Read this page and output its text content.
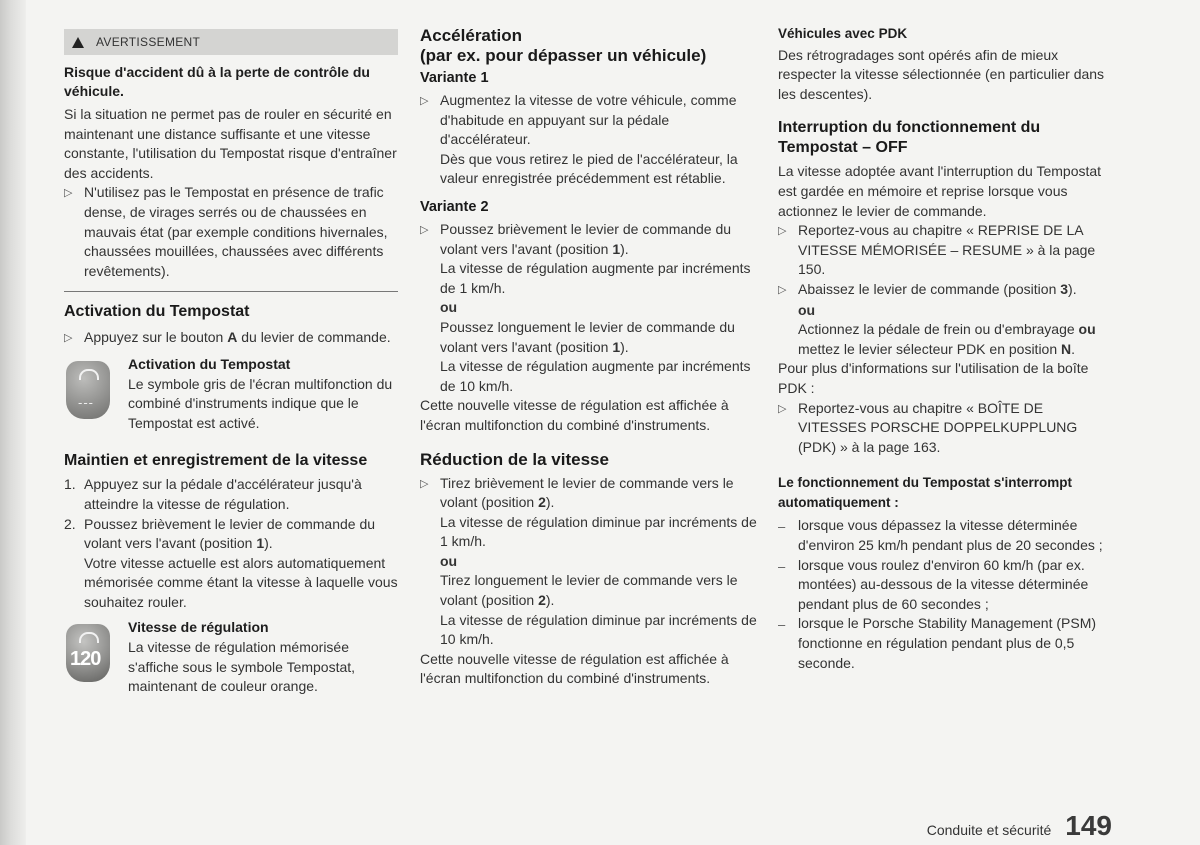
AVERTISSEMENT

Risque d'accident dû à la perte de contrôle du véhicule.

Si la situation ne permet pas de rouler en sécurité en maintenant une distance suffisante et une vitesse constante, l'utilisation du Tempostat risque d'entraîner des accidents.

▷ N'utilisez pas le Tempostat en présence de trafic dense, de virages serrés ou de chaussées en mauvais état (par exemple conditions hivernales, chaussées mouillées, chaussées avec différents revêtements).
Activation du Tempostat
▷ Appuyez sur le bouton A du levier de commande.
---

Activation du Tempostat

Le symbole gris de l'écran multifonction du combiné d'instruments indique que le Tempostat est activé.

Maintien et enregistrement de la vitesse
1. Appuyez sur la pédale d'accélérateur jusqu'à atteindre la vitesse de régulation.
2. Poussez brièvement le levier de commande du volant vers l'avant (position 1).

Votre vitesse actuelle est alors automatiquement mémorisée comme étant la vitesse à laquelle vous souhaitez rouler.

120

Vitesse de régulation

La vitesse de régulation mémorisée s'affiche sous le symbole Tempostat, maintenant de couleur orange.

Accélération
(par ex. pour dépasser un véhicule)
Variante 1
▷ Augmentez la vitesse de votre véhicule, comme d'habitude en appuyant sur la pédale d'accélérateur.

Dès que vous retirez le pied de l'accélérateur, la valeur enregistrée précédemment est rétablie.

Variante 2
▷ Poussez brièvement le levier de commande du volant vers l'avant (position 1).

La vitesse de régulation augmente par incréments de 1 km/h.

ou

Poussez longuement le levier de commande du volant vers l'avant (position 1).

La vitesse de régulation augmente par incréments de 10 km/h.

Cette nouvelle vitesse de régulation est affichée à l'écran multifonction du combiné d'instruments.

Réduction de la vitesse
▷ Tirez brièvement le levier de commande vers le volant (position 2).

La vitesse de régulation diminue par incréments de 1 km/h.

ou

Tirez longuement le levier de commande vers le volant (position 2).

La vitesse de régulation diminue par incréments de 10 km/h.

Cette nouvelle vitesse de régulation est affichée à l'écran multifonction du combiné d'instruments.

Véhicules avec PDK

Des rétrogradages sont opérés afin de mieux respecter la vitesse sélectionnée (en particulier dans les descentes).

Interruption du fonctionnement du
Tempostat – OFF

La vitesse adoptée avant l'interruption du Tempostat est gardée en mémoire et reprise lorsque vous actionnez le levier de commande.

▷ Reportez-vous au chapitre « REPRISE DE LA VITESSE MÉMORISÉE – RESUME » à la page 150.
▷ Abaissez le levier de commande (position 3).

ou

Actionnez la pédale de frein ou d'embrayage ou mettez le levier sélecteur PDK en position N.

Pour plus d'informations sur l'utilisation de la boîte PDK :

▷ Reportez-vous au chapitre « BOÎTE DE VITESSES PORSCHE DOPPELKUPPLUNG (PDK) » à la page 163.

Le fonctionnement du Tempostat s'interrompt automatiquement :

– lorsque vous dépassez la vitesse déterminée d'environ 25 km/h pendant plus de 20 secondes ;
– lorsque vous roulez d'environ 60 km/h (par ex. montées) au-dessous de la vitesse déterminée pendant plus de 60 secondes ;
– lorsque le Porsche Stability Management (PSM) fonctionne en régulation pendant plus de 0,5 seconde.
Conduite et sécurité 149
